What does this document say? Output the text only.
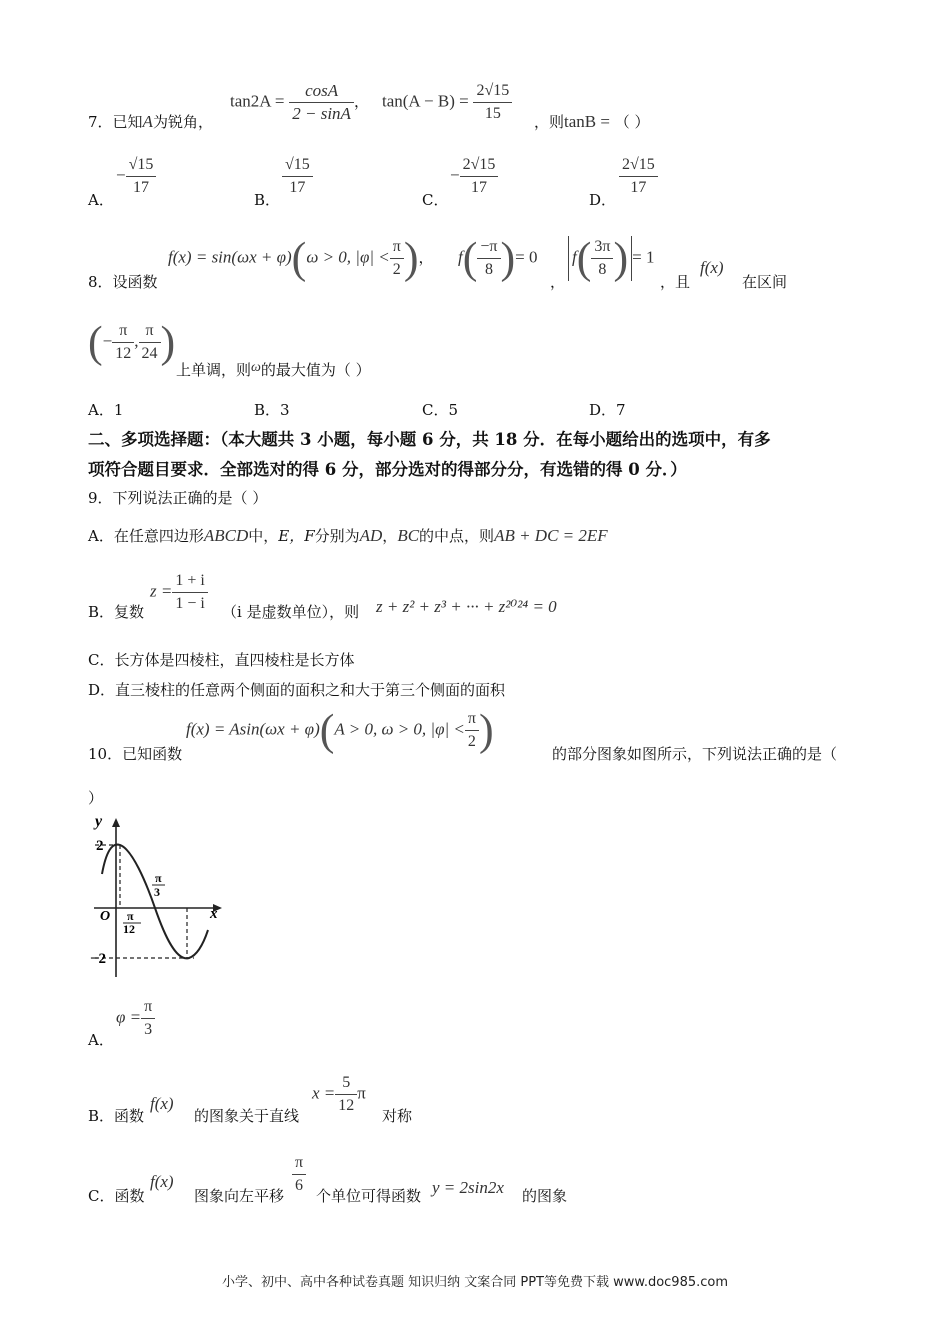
7．已知A为锐角，
$\tan 2A = \frac{\cos A}{2 - \sin A}$ ， $\tan(A - B) = \frac{2√15}{15}$ ，则tanB = （ ）
A．
− $\frac{√15}{17}$
B．
$\frac{√15}{17}$
C．
− $\frac{2√15}{17}$
D．
$\frac{2√15}{17}$
8．设函数
f(x) = sin(ωx + φ)(ω > 0, $|\varphi| < \frac{\pi}{2}$ )， $f( \frac{-\pi}{8}$ )= 0
，
$f( \frac{3\pi}{8}$ ) = 1
，且
f(x)
在区间
(− $\frac{\pi}{12}$ , $\frac{\pi}{24}$ )
上单调，则ω的最大值为（ ）
A．1	B．3	C．5	D．7
二、多项选择题：（本大题共 3 小题，每小题 6 分，共 18 分．在每小题给出的选项中，有多
项符合题目要求．全部选对的得 6 分，部分选对的得部分分，有选错的得 0 分．）
9．下列说法正确的是（ ）
A．在任意四边形ABCD中，E，F分别为AD，BC的中点，则AB + DC = 2EF
B．复数
$z = \frac{1 + i}{1 - i} (i$ 是虚数单位），则 z + z² + z³ + ··· + z²⁰²⁴ = 0
C．长方体是四棱柱，直四棱柱是长方体
D．直三棱柱的任意两个侧面的面积之和大于第三个侧面的面积
10．已知函数
f(x) = Asin(ωx + φ)(A > 0, ω > 0, $|\varphi| < \frac{\pi}{2}$ )	的部分图象如图所示，下列说法正确的是（
）
y
x
O
2
−2
π
12
π
3
A．
$\varphi = \frac{\pi}{3}$
B．函数
f(x)
的图象关于直线
$x = \frac{5}{12}$ π
对称
C．函数
f(x)
图象向左平移 $\frac{\pi}{6}$ 个单位可得函数 y = 2sin2x 的图象
小学、初中、高中各种试卷真题 知识归纳 文案合同 PPT等免费下载 www.doc985.com
